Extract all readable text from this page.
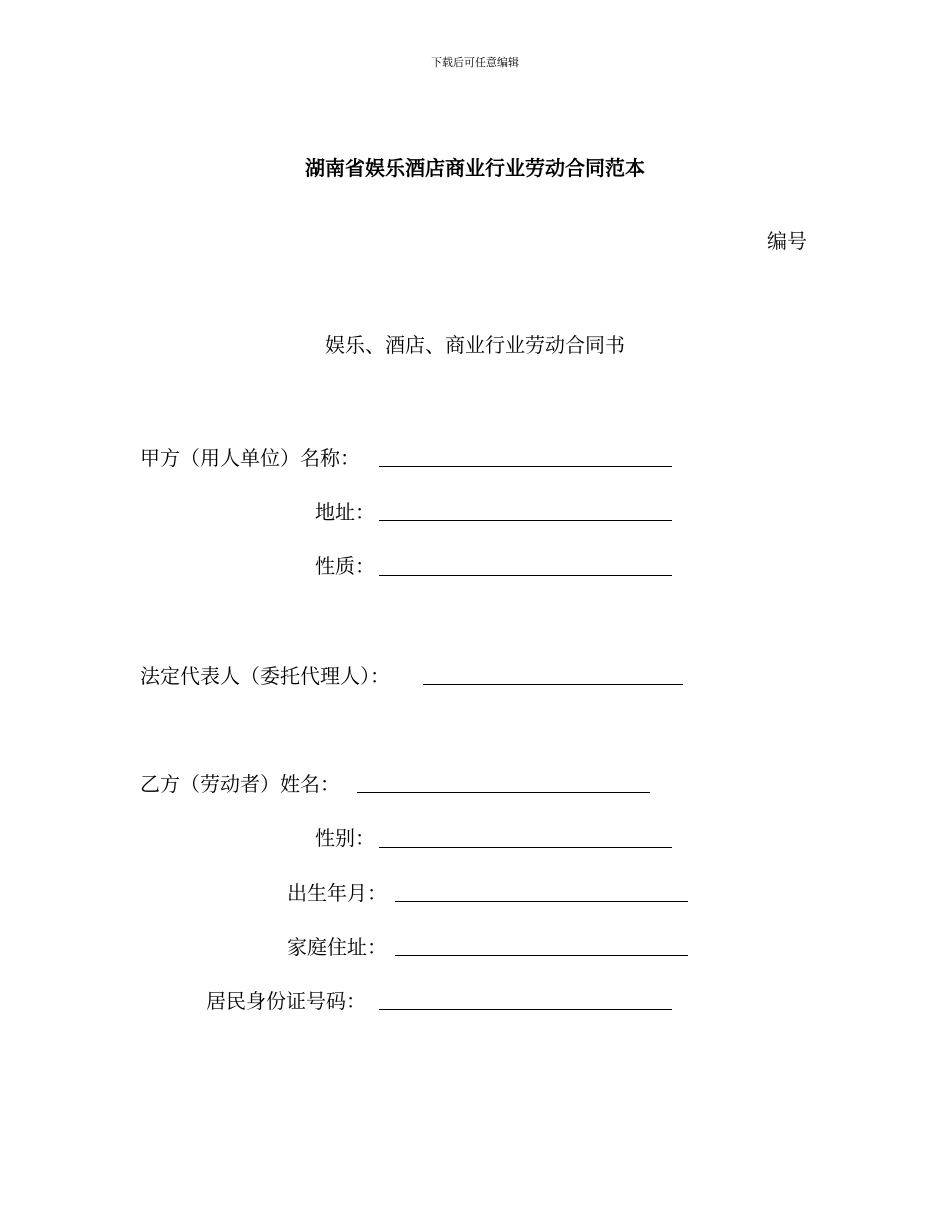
下载后可任意编辑
湖南省娱乐酒店商业行业劳动合同范本
编号
娱乐、酒店、商业行业劳动合同书
甲方（用人单位）名称：
地址：
性质：
法定代表人（委托代理人）：
乙方（劳动者）姓名：
性别：
出生年月：
家庭住址：
居民身份证号码：
